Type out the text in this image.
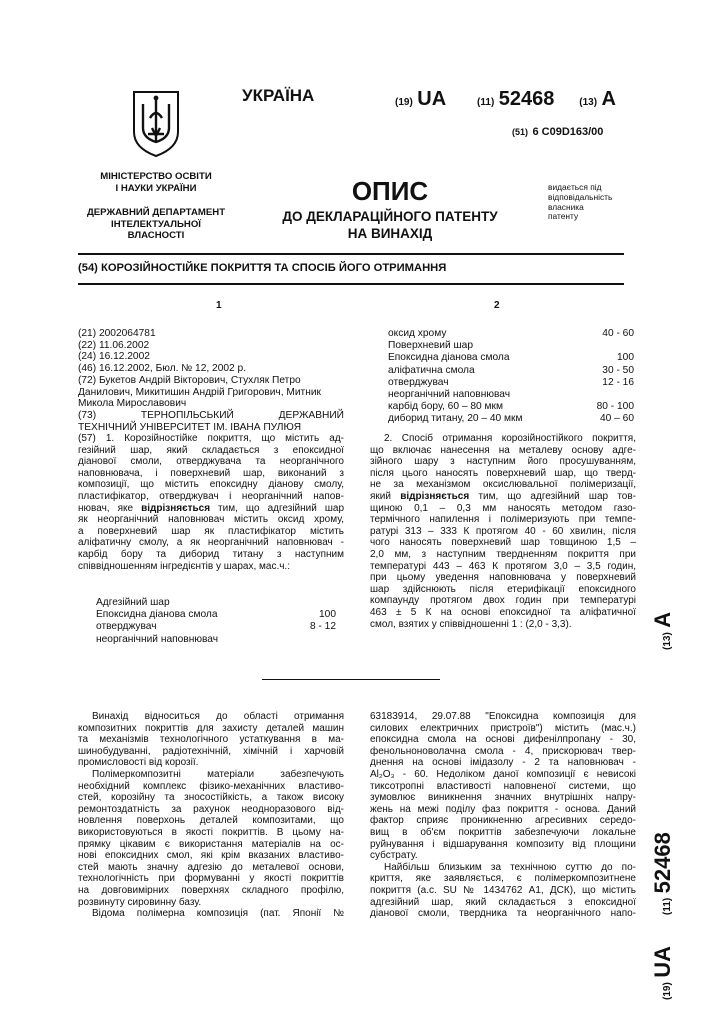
МІНІСТЕРСТВО ОСВІТИ
І НАУКИ УКРАЇНИ
ДЕРЖАВНИЙ ДЕПАРТАМЕНТ
ІНТЕЛЕКТУАЛЬНОЇ
ВЛАСНОСТІ
УКРАЇНА	(19) UA	(11) 52468 (13) A
(51) 6 C09D163/00
ОПИС
ДО ДЕКЛАРАЦІЙНОГО ПАТЕНТУ
НА ВИНАХІД
видається під
відповідальність
власника
патенту
(54) КОРОЗІЙНОСТІЙКЕ ПОКРИТТЯ ТА СПОСІБ ЙОГО ОТРИМАННЯ
1	2
(21) 2002064781
(22) 11.06.2002
(24) 16.12.2002
(46) 16.12.2002, Бюл. № 12, 2002 р.
(72) Букетов Андрій Вікторович, Стухляк Петро
Данилович, Микитишин Андрій Григорович, Митник
Микола Мирославович
(73) ТЕРНОПІЛЬСЬКИЙ ДЕРЖАВНИЙ
ТЕХНІЧНИЙ УНІВЕРСИТЕТ ІМ. ІВАНА ПУЛЮЯ
(57) 1. Корозійностійке покриття, що містить ад-
гезійний шар, який складається з епоксидної
діанової смоли, отверджувача та неорганічного
наповнювача, і поверхневий шар, виконаний з
композиції, що містить епоксидну діанову смолу,
пластифікатор, отверджувач і неорганічний напов-
нювач, яке відрізняється тим, що адгезійний шар
як неорганічний наповнювач містить оксид хрому,
а поверхневий шар як пластифікатор містить
аліфатичну смолу, а як неорганічний наповнювач -
карбід бору та диборид титану з наступним
співвідношенням інгредієнтів у шарах, мас.ч.:
Адгезійний шар
Епоксидна діанова смола	100
отверджувач	8 - 12
неорганічний наповнювач
оксид хрому	40 - 60
Поверхневий шар
Епоксидна діанова смола	100
аліфатична смола	30 - 50
отверджувач	12 - 16
неорганічний наповнювач
карбід бору, 60 – 80 мкм	80 - 100
диборид титану, 20 – 40 мкм	40 – 60
2. Спосіб отримання корозійностійкого покриття,
що включає нанесення на металеву основу адге-
зійного шару з наступним його просушуванням,
після цього наносять поверхневий шар, що тверд-
не за механізмом оксислювальної полімеризації,
який відрізняється тим, що адгезійний шар тов-
щиною 0,1 – 0,3 мм наносять методом газо-
термічного напилення і полімеризують при темпе-
ратурі 313 – 333 К протягом 40 - 60 хвилин, після
чого наносять поверхневий шар товщиною 1,5 –
2,0 мм, з наступним твердненням покриття при
температурі 443 – 463 К протягом 3,0 – 3,5 годин,
при цьому уведення наповнювача у поверхневий
шар здійснюють після етерифікації епоксидного
компаунду протягом двох годин при температурі
463 ± 5 К на основі епоксидної та аліфатичної
смол, взятих у співвідношенні 1 : (2,0 - 3,3).
Винахід відноситься до області отримання
композитних покриттів для захисту деталей машин
та механізмів технологічного устаткування в ма-
шинобудуванні, радіотехнічній, хімічній і харчовій
промисловості від корозії.
Полімеркомпозитні матеріали забезпечують
необхідний комплекс фізико-механічних властиво-
стей, корозійну та зносостійкість, а також високу
ремонтоздатність за рахунок неодноразового від-
новлення поверхонь деталей композитами, що
використовуються в якості покриттів. В цьому на-
прямку цікавим є використання матеріалів на ос-
нові епоксидних смол, які крім вказаних властиво-
стей мають значну адгезію до металевої основи,
технологічність при формуванні у якості покриттів
на довговимірних поверхнях складного профілю,
розвинуту сировинну базу.
Відома полімерна композиція (пат. Японії №
63183914, 29.07.88 "Епоксидна композиція для
силових електричних пристроїв") містить (мас.ч.)
епоксидна смола на основі дифенілпропану - 30,
фенольноноволачна смола - 4, прискорювач твер-
днення на основі імідазолу - 2 та наповнювач -
Al₂O₃ - 60. Недоліком даної композиції є невисокі
тиксотропні властивості наповненої системи, що
зумовлює виникнення значних внутрішніх напру-
жень на межі поділу фаз покриття - основа. Даний
фактор сприяє проникненню агресивних середо-
вищ в об'єм покриттів забезпечуючи локальне
руйнування і відшарування композиту від площини
субстрату.
Найбільш близьким за технічною суттю до по-
криття, яке заявляється, є полімеркомпозитнене
покриття (а.с. SU № 1434762 А1, ДСК), що містить
адгезійний шар, який складається з епоксидної
діанової смоли, твердника та неорганічного напо-
(19) UA  (11) 52468
(13) A
